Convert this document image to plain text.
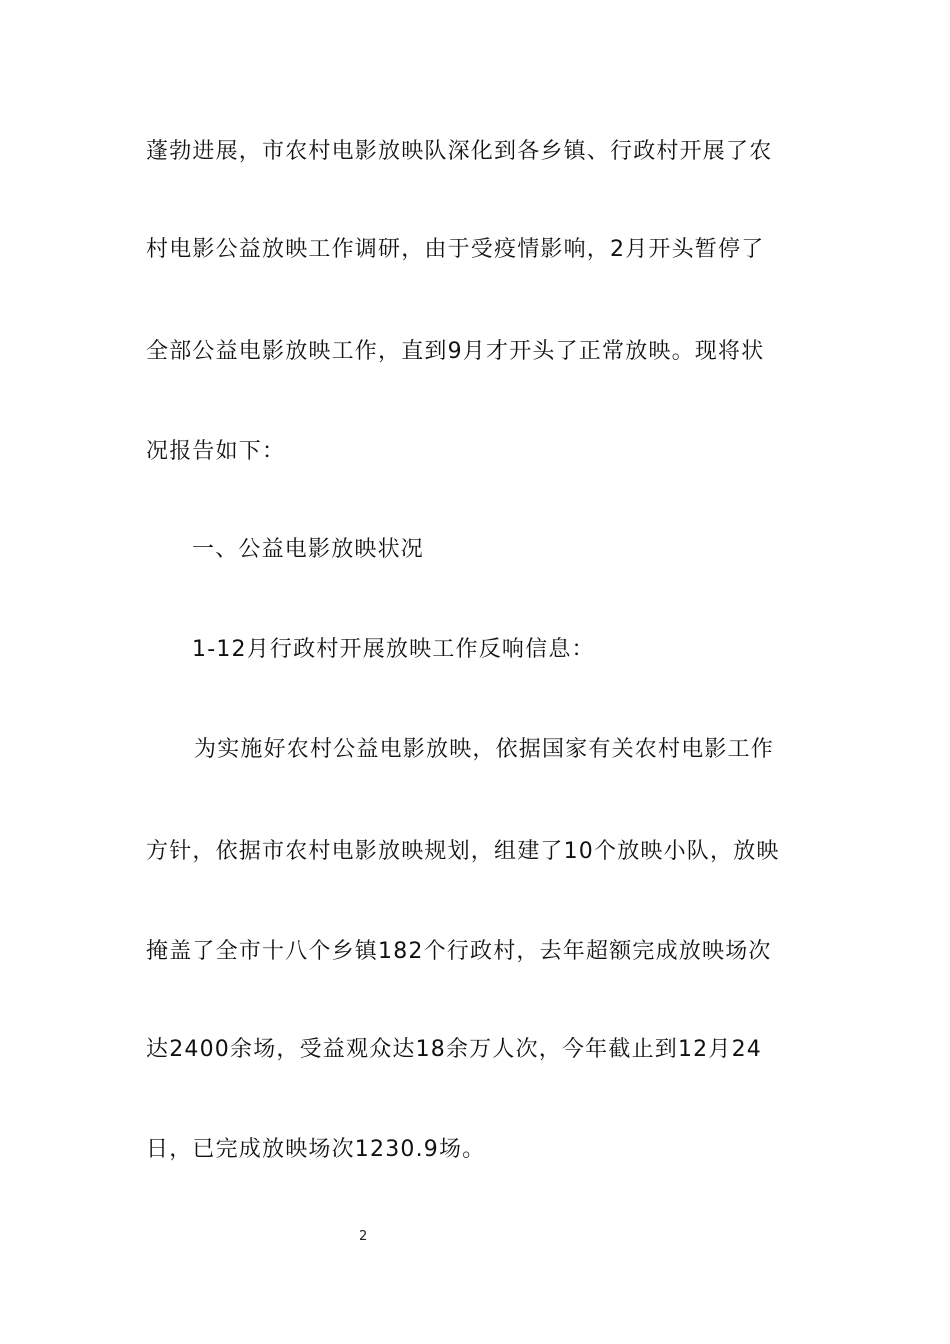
蓬勃进展，市农村电影放映队深化到各乡镇、行政村开展了农
村电影公益放映工作调研，由于受疫情影响，2月开头暂停了
全部公益电影放映工作，直到9月才开头了正常放映。现将状
况报告如下：
一、公益电影放映状况
1-12月行政村开展放映工作反响信息：
为实施好农村公益电影放映，依据国家有关农村电影工作
方针，依据市农村电影放映规划，组建了10个放映小队，放映
掩盖了全市十八个乡镇182个行政村，去年超额完成放映场次
达2400余场，受益观众达18余万人次，今年截止到12月24
日，已完成放映场次1230.9场。
2
